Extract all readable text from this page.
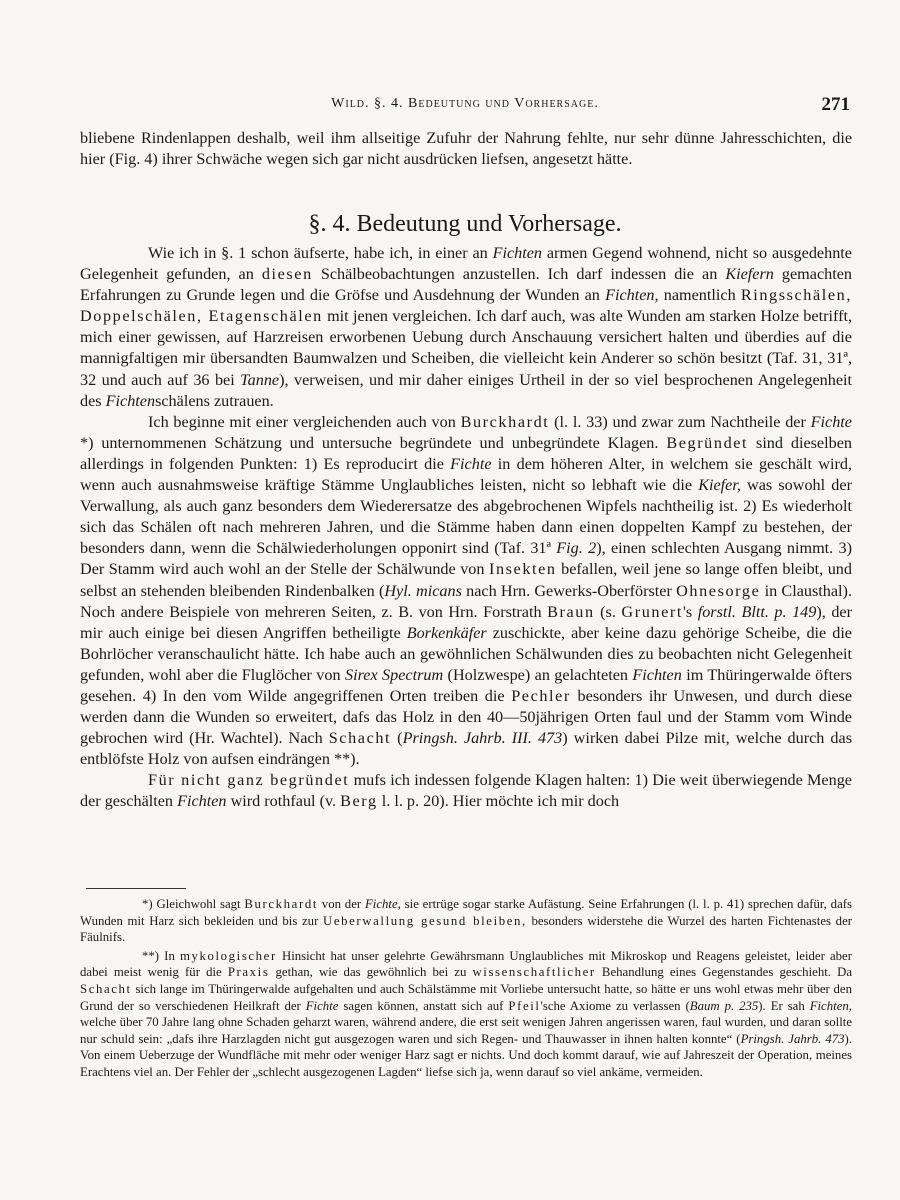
Wild. §. 4. Bedeutung und Vorhersage.	271

bliebene Rindenlappen deshalb, weil ihm allseitige Zufuhr der Nahrung fehlte, nur sehr dünne Jahresschichten, die hier (Fig. 4) ihrer Schwäche wegen sich gar nicht ausdrücken liefsen, angesetzt hätte.

§. 4. Bedeutung und Vorhersage.

Wie ich in §. 1 schon äufserte, habe ich, in einer an Fichten armen Gegend wohnend, nicht so ausgedehnte Gelegenheit gefunden, an diesen Schälbeobachtungen anzustellen. Ich darf indessen die an Kiefern gemachten Erfahrungen zu Grunde legen und die Gröfse und Ausdehnung der Wunden an Fichten, namentlich Ringsschälen, Doppelschälen, Etagenschälen mit jenen vergleichen. Ich darf auch, was alte Wunden am starken Holze betrifft, mich einer gewissen, auf Harzreisen erworbenen Uebung durch Anschauung versichert halten und überdies auf die mannigfaltigen mir übersandten Baumwalzen und Scheiben, die vielleicht kein Anderer so schön besitzt (Taf. 31, 31ª, 32 und auch auf 36 bei Tanne), verweisen, und mir daher einiges Urtheil in der so viel besprochenen Angelegenheit des Fichtenschälens zutrauen.

Ich beginne mit einer vergleichenden auch von Burckhardt (l. l. 33) und zwar zum Nachtheile der Fichte *) unternommenen Schätzung und untersuche begründete und unbegründete Klagen. Begründet sind dieselben allerdings in folgenden Punkten: 1) Es reproducirt die Fichte in dem höheren Alter, in welchem sie geschält wird, wenn auch ausnahmsweise kräftige Stämme Unglaubliches leisten, nicht so lebhaft wie die Kiefer, was sowohl der Verwallung, als auch ganz besonders dem Wiederersatze des abgebrochenen Wipfels nachtheilig ist. 2) Es wiederholt sich das Schälen oft nach mehreren Jahren, und die Stämme haben dann einen doppelten Kampf zu bestehen, der besonders dann, wenn die Schälwiederholungen opponirt sind (Taf. 31ª Fig. 2), einen schlechten Ausgang nimmt. 3) Der Stamm wird auch wohl an der Stelle der Schälwunde von Insekten befallen, weil jene so lange offen bleibt, und selbst an stehenden bleibenden Rindenbalken (Hyl. micans nach Hrn. Gewerks-Oberförster Ohnesorge in Clausthal). Noch andere Beispiele von mehreren Seiten, z. B. von Hrn. Forstrath Braun (s. Grunert's forstl. Bltt. p. 149), der mir auch einige bei diesen Angriffen betheiligte Borkenkäfer zuschickte, aber keine dazu gehörige Scheibe, die die Bohrlöcher veranschaulicht hätte. Ich habe auch an gewöhnlichen Schälwunden dies zu beobachten nicht Gelegenheit gefunden, wohl aber die Fluglöcher von Sirex Spectrum (Holzwespe) an gelachteten Fichten im Thüringerwalde öfters gesehen. 4) In den vom Wilde angegriffenen Orten treiben die Pechler besonders ihr Unwesen, und durch diese werden dann die Wunden so erweitert, dafs das Holz in den 40—50jährigen Orten faul und der Stamm vom Winde gebrochen wird (Hr. Wachtel). Nach Schacht (Pringsh. Jahrb. III. 473) wirken dabei Pilze mit, welche durch das entblöfste Holz von aufsen eindrängen **).

Für nicht ganz begründet mufs ich indessen folgende Klagen halten: 1) Die weit überwiegende Menge der geschälten Fichten wird rothfaul (v. Berg l. l. p. 20). Hier möchte ich mir doch

*) Gleichwohl sagt Burckhardt von der Fichte, sie ertrüge sogar starke Aufästung. Seine Erfahrungen (l. l. p. 41) sprechen dafür, dafs Wunden mit Harz sich bekleiden und bis zur Ueberwallung gesund bleiben, besonders widerstehe die Wurzel des harten Fichtenastes der Fäulnifs.

**) In mykologischer Hinsicht hat unser gelehrte Gewährsmann Unglaubliches mit Mikroskop und Reagens geleistet, leider aber dabei meist wenig für die Praxis gethan, wie das gewöhnlich bei zu wissenschaftlicher Behandlung eines Gegenstandes geschieht. Da Schacht sich lange im Thüringerwalde aufgehalten und auch Schälstämme mit Vorliebe untersucht hatte, so hätte er uns wohl etwas mehr über den Grund der so verschiedenen Heilkraft der Fichte sagen können, anstatt sich auf Pfeil'sche Axiome zu verlassen (Baum p. 235). Er sah Fichten, welche über 70 Jahre lang ohne Schaden geharzt waren, während andere, die erst seit wenigen Jahren angerissen waren, faul wurden, und daran sollte nur schuld sein: „dafs ihre Harzlagden nicht gut ausgezogen waren und sich Regen- und Thauwasser in ihnen halten konnte“ (Pringsh. Jahrb. 473). Von einem Ueberzuge der Wundfläche mit mehr oder weniger Harz sagt er nichts. Und doch kommt darauf, wie auf Jahreszeit der Operation, meines Erachtens viel an. Der Fehler der „schlecht ausgezogenen Lagden“ liefse sich ja, wenn darauf so viel ankäme, vermeiden.
